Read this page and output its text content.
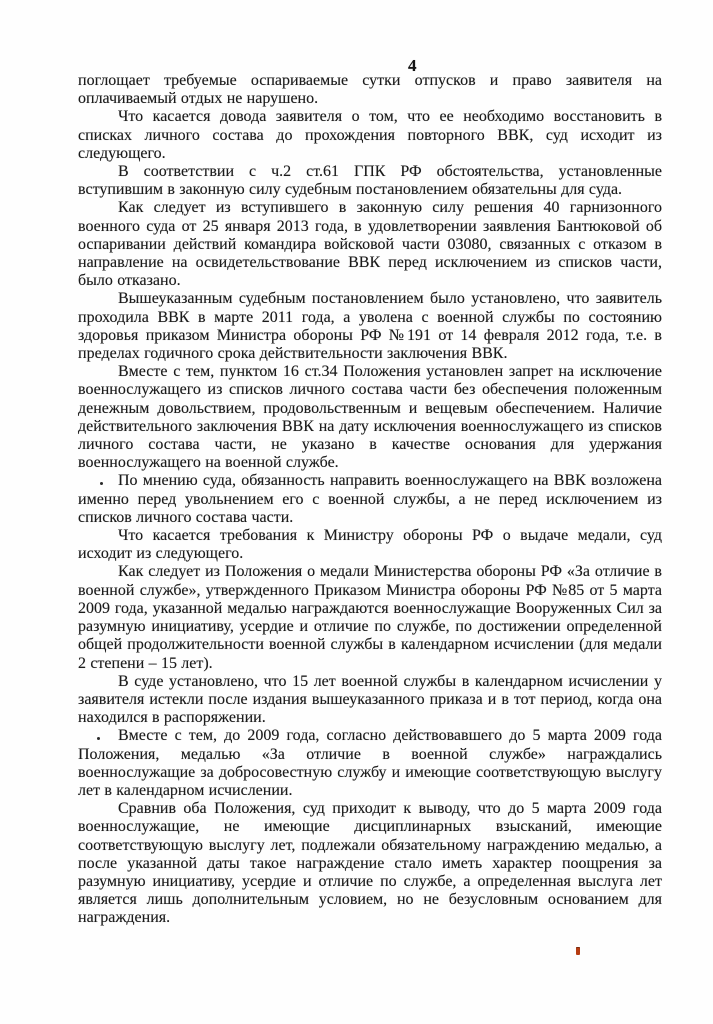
4

поглощает требуемые оспариваемые сутки отпусков и право заявителя на оплачиваемый отдых не нарушено.

Что касается довода заявителя о том, что ее необходимо восстановить в списках личного состава до прохождения повторного ВВК, суд исходит из следующего.

В соответствии с ч.2 ст.61 ГПК РФ обстоятельства, установленные вступившим в законную силу судебным постановлением обязательны для суда.

Как следует из вступившего в законную силу решения 40 гарнизонного военного суда от 25 января 2013 года, в удовлетворении заявления Бантюковой об оспаривании действий командира войсковой части 03080, связанных с отказом в направление на освидетельствование ВВК перед исключением из списков части, было отказано.

Вышеуказанным судебным постановлением было установлено, что заявитель проходила ВВК в марте 2011 года, а уволена с военной службы по состоянию здоровья приказом Министра обороны РФ №191 от 14 февраля 2012 года, т.е. в пределах годичного срока действительности заключения ВВК.

Вместе с тем, пунктом 16 ст.34 Положения установлен запрет на исключение военнослужащего из списков личного состава части без обеспечения положенным денежным довольствием, продовольственным и вещевым обеспечением. Наличие действительного заключения ВВК на дату исключения военнослужащего из списков личного состава части, не указано в качестве основания для удержания военнослужащего на военной службе.

По мнению суда, обязанность направить военнослужащего на ВВК возложена именно перед увольнением его с военной службы, а не перед исключением из списков личного состава части.

Что касается требования к Министру обороны РФ о выдаче медали, суд исходит из следующего.

Как следует из Положения о медали Министерства обороны РФ «За отличие в военной службе», утвержденного Приказом Министра обороны РФ №85 от 5 марта 2009 года, указанной медалью награждаются военнослужащие Вооруженных Сил за разумную инициативу, усердие и отличие по службе, по достижении определенной общей продолжительности военной службы в календарном исчислении (для медали 2 степени – 15 лет).

В суде установлено, что 15 лет военной службы в календарном исчислении у заявителя истекли после издания вышеуказанного приказа и в тот период, когда она находился в распоряжении.

Вместе с тем, до 2009 года, согласно действовавшего до 5 марта 2009 года Положения, медалью «За отличие в военной службе» награждались военнослужащие за добросовестную службу и имеющие соответствующую выслугу лет в календарном исчислении.

Сравнив оба Положения, суд приходит к выводу, что до 5 марта 2009 года военнослужащие, не имеющие дисциплинарных взысканий, имеющие соответствующую выслугу лет, подлежали обязательному награждению медалью, а после указанной даты такое награждение стало иметь характер поощрения за разумную инициативу, усердие и отличие по службе, а определенная выслуга лет является лишь дополнительным условием, но не безусловным основанием для награждения.
